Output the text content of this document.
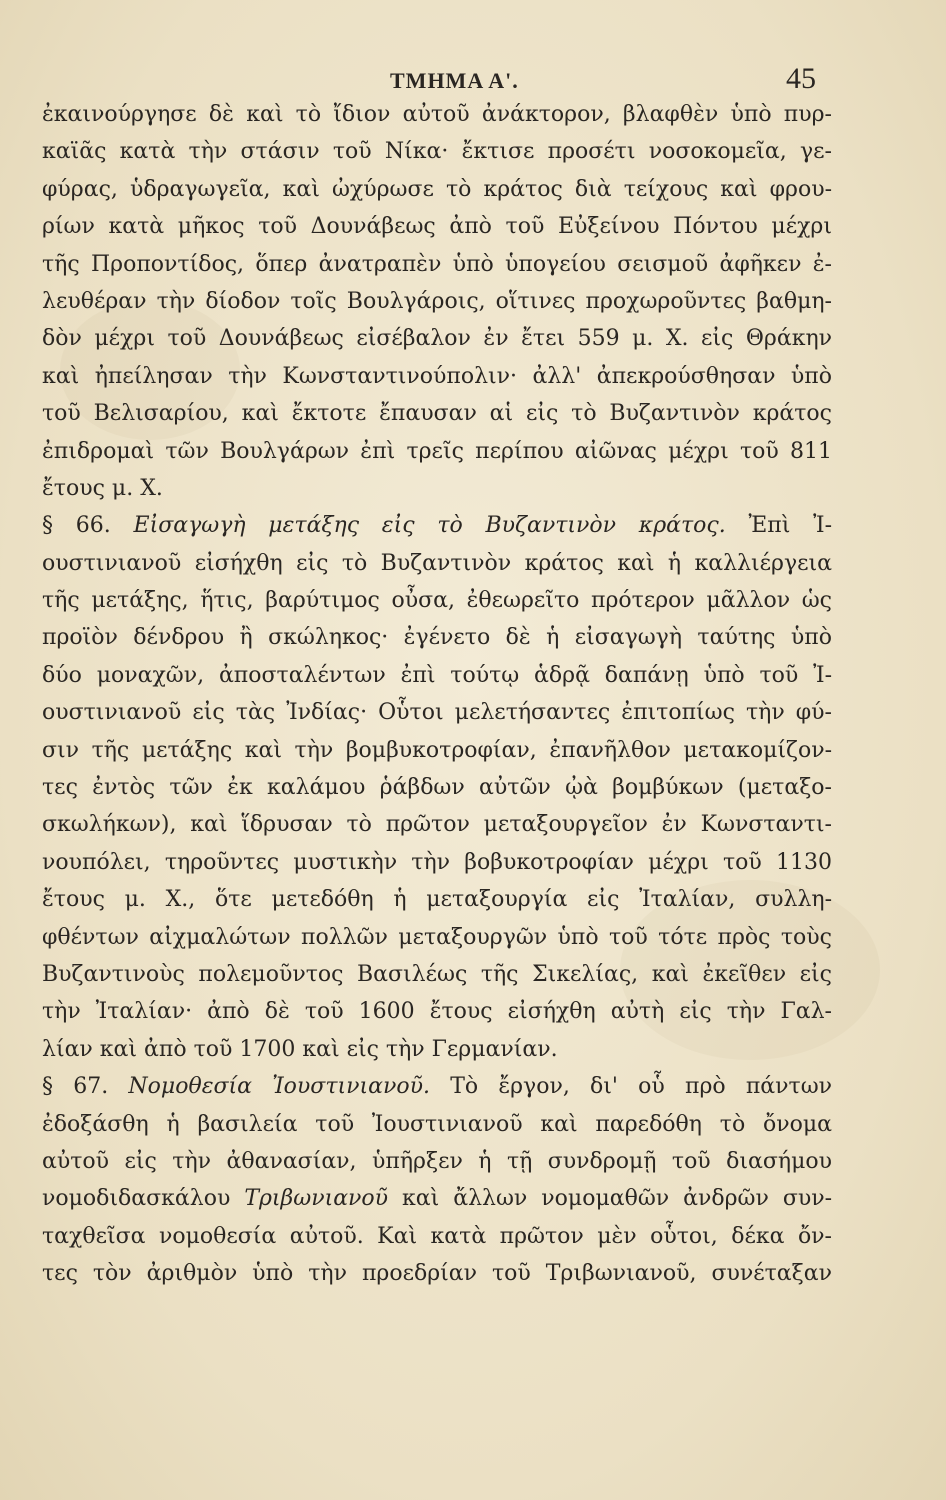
ΤΜΗΜΑ Α'.	45
ἐκαινούργησε δὲ καὶ τὸ ἴδιον αὐτοῦ ἀνάκτορον, βλαφθὲν ὑπὸ πυρ-
καϊᾶς κατὰ τὴν στάσιν τοῦ Νίκα· ἔκτισε προσέτι νοσοκομεῖα, γε-
φύρας, ὑδραγωγεῖα, καὶ ὠχύρωσε τὸ κράτος διὰ τείχους καὶ φρου-
ρίων κατὰ μῆκος τοῦ Δουνάβεως ἀπὸ τοῦ Εὐξείνου Πόντου μέχρι
τῆς Προποντίδος, ὅπερ ἀνατραπὲν ὑπὸ ὑπογείου σεισμοῦ ἀφῆκεν ἐ-
λευθέραν τὴν δίοδον τοῖς Βουλγάροις, οἵτινες προχωροῦντες βαθμη-
δὸν μέχρι τοῦ Δουνάβεως εἰσέβαλον ἐν ἔτει 559 μ. Χ. εἰς Θράκην
καὶ ἠπείλησαν τὴν Κωνσταντινούπολιν· ἀλλ' ἀπεκρούσθησαν ὑπὸ
τοῦ Βελισαρίου, καὶ ἔκτοτε ἔπαυσαν αἱ εἰς τὸ Βυζαντινὸν κράτος
ἐπιδρομαὶ τῶν Βουλγάρων ἐπὶ τρεῖς περίπου αἰῶνας μέχρι τοῦ 811
ἔτους μ. Χ.
§ 66. Εἰσαγωγὴ μετάξης εἰς τὸ Βυζαντινὸν κράτος. Ἐπὶ Ἰ-
ουστινιανοῦ εἰσήχθη εἰς τὸ Βυζαντινὸν κράτος καὶ ἡ καλλιέργεια
τῆς μετάξης, ἥτις, βαρύτιμος οὖσα, ἐθεωρεῖτο πρότερον μᾶλλον ὡς
προϊὸν δένδρου ἢ σκώληκος· ἐγένετο δὲ ἡ εἰσαγωγὴ ταύτης ὑπὸ
δύο μοναχῶν, ἀποσταλέντων ἐπὶ τούτῳ ἁδρᾷ δαπάνῃ ὑπὸ τοῦ Ἰ-
ουστινιανοῦ εἰς τὰς Ἰνδίας· Οὗτοι μελετήσαντες ἐπιτοπίως τὴν φύ-
σιν τῆς μετάξης καὶ τὴν βομβυκοτροφίαν, ἐπανῆλθον μετακομίζον-
τες ἐντὸς τῶν ἐκ καλάμου ῥάβδων αὐτῶν ᾠὰ βομβύκων (μεταξο-
σκωλήκων), καὶ ἵδρυσαν τὸ πρῶτον μεταξουργεῖον ἐν Κωνσταντι-
νουπόλει, τηροῦντες μυστικὴν τὴν βοβυκοτροφίαν μέχρι τοῦ 1130
ἔτους μ. Χ., ὅτε μετεδόθη ἡ μεταξουργία εἰς Ἰταλίαν, συλλη-
φθέντων αἰχμαλώτων πολλῶν μεταξουργῶν ὑπὸ τοῦ τότε πρὸς τοὺς
Βυζαντινοὺς πολεμοῦντος Βασιλέως τῆς Σικελίας, καὶ ἐκεῖθεν εἰς
τὴν Ἰταλίαν· ἀπὸ δὲ τοῦ 1600 ἔτους εἰσήχθη αὐτὴ εἰς τὴν Γαλ-
λίαν καὶ ἀπὸ τοῦ 1700 καὶ εἰς τὴν Γερμανίαν.
§ 67. Νομοθεσία Ἰουστινιανοῦ. Τὸ ἔργον, δι' οὗ πρὸ πάντων
ἐδοξάσθη ἡ βασιλεία τοῦ Ἰουστινιανοῦ καὶ παρεδόθη τὸ ὄνομα
αὐτοῦ εἰς τὴν ἀθανασίαν, ὑπῆρξεν ἡ τῇ συνδρομῇ τοῦ διασήμου
νομοδιδασκάλου Τριβωνιανοῦ καὶ ἄλλων νομομαθῶν ἀνδρῶν συν-
ταχθεῖσα νομοθεσία αὐτοῦ. Καὶ κατὰ πρῶτον μὲν οὗτοι, δέκα ὄν-
τες τὸν ἀριθμὸν ὑπὸ τὴν προεδρίαν τοῦ Τριβωνιανοῦ, συνέταξαν
